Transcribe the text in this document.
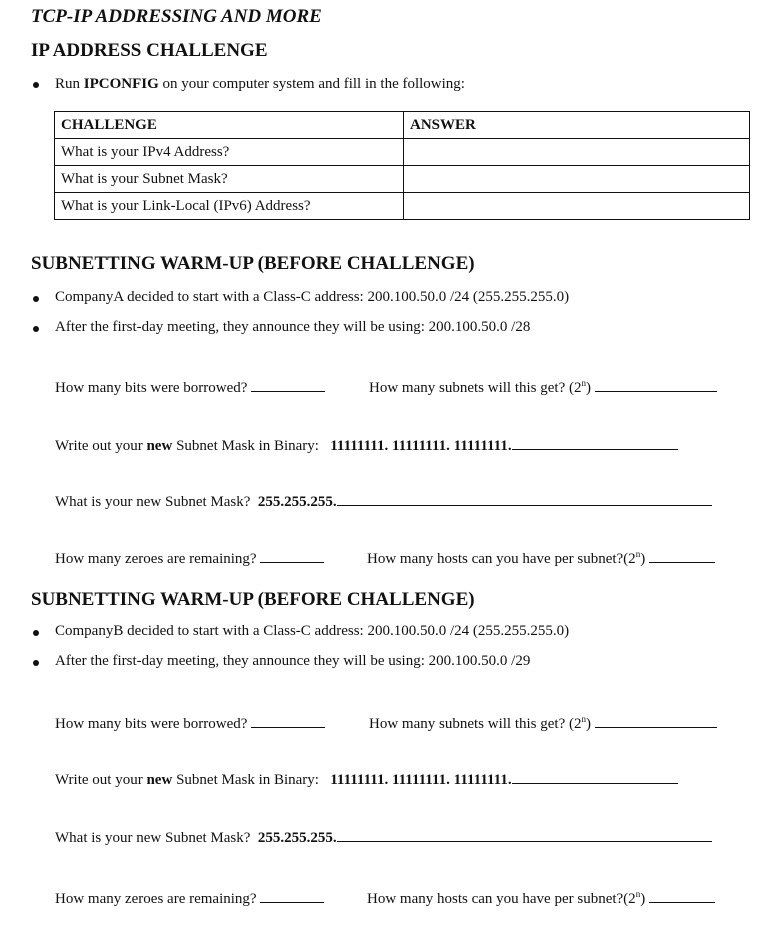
TCP-IP ADDRESSING AND MORE
IP ADDRESS CHALLENGE
Run IPCONFIG on your computer system and fill in the following:
CHALLENGE	ANSWER
What is your IPv4 Address?	
What is your Subnet Mask?	
What is your Link-Local (IPv6) Address?	
SUBNETTING WARM-UP (BEFORE CHALLENGE)
CompanyA decided to start with a Class-C address: 200.100.50.0 /24 (255.255.255.0)
After the first-day meeting, they announce they will be using: 200.100.50.0 /28
How many bits were borrowed?	How many subnets will this get? (2$^n$)
Write out your new Subnet Mask in Binary: 11111111. 11111111. 11111111.
What is your new Subnet Mask? 255.255.255.
How many zeroes are remaining?	How many hosts can you have per subnet?(2$^n$)
SUBNETTING WARM-UP (BEFORE CHALLENGE)
CompanyB decided to start with a Class-C address: 200.100.50.0 /24 (255.255.255.0)
After the first-day meeting, they announce they will be using: 200.100.50.0 /29
How many bits were borrowed?	How many subnets will this get? (2$^n$)
Write out your new Subnet Mask in Binary: 11111111. 11111111. 11111111.
What is your new Subnet Mask? 255.255.255.
How many zeroes are remaining?	How many hosts can you have per subnet?(2$^n$)
